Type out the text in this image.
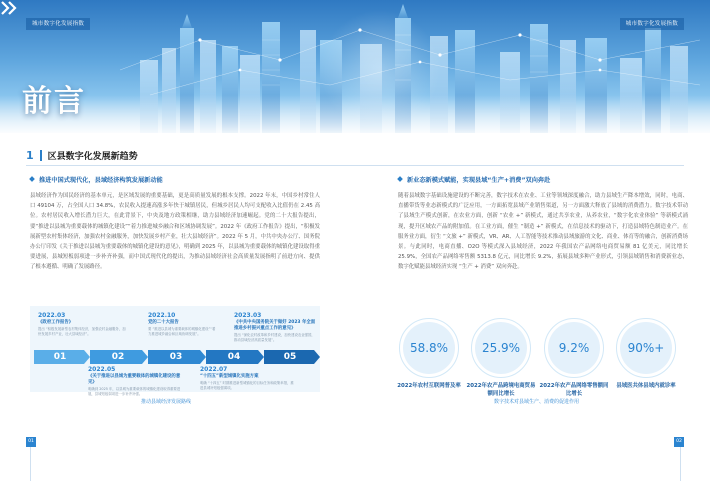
城市数字化发展指数	城市数字化发展指数
前言
1 区县数字化发展新趋势
推进中国式现代化，县域经济构筑发展新动能
县域经济作为国民经济的基本单元，是区域发展的重要基础，更是高质量发展的根本支撑。2022 年末，中国乡村常住人口 49104 万，占全国人口 34.8%，农民收入提速高涨多年快于城镇居民，但城乡居民人均可支配收入比值仍在 2.45 高位。农村居民收入增长潜力巨大，在此背景下，中央及地方政策相继，助力县域经济加速崛起。党的二十大报告提出，要“推进以县城为重要载体的城镇化建设”“着力推进城乡融合和区域协调发展”。2022 年《政府工作报告》提出，“积极发展新型农村集体经济，加强农村金融服务，加快发展乡村产业，壮大县域经济”。2022 年 5 月，中共中央办公厅、国务院办公厅印发《关于推进以县城为重要载体的城镇化建设的意见》，明确到 2025 年，以县城为重要载体的城镇化建设取得重要进展，县城短板弱项进一步补齐补强，而中国式现代化的提出，为推动县域经济社会高质量发展指明了前进方向、提供了根本遵循、明确了发展路径。
01	02	03	04	05
2022.03
《政府工作报告》
提出 “积极发展新型农村集体经济，加强农村金融服务，加快发展乡村产业，壮大县域经济”。
2022.10
党的二十大报告
要 “推进以县城为重要载体的城镇化建设”“着力推进城乡融合和区域协调发展”。
2023.03
《中共中央国务院关于做好 2023 年全面推进乡村振兴重点工作的意见》
提出 “深化农村改革和乡村建设，加快建设农业强国，推动县域经济高质量发展”。
2022.05
《关于推进以县城为重要载体的城镇化建设的意见》
明确到 2025 年，以县城为重要载体的城镇化建设取得重要进展，县城短板弱项进一步补齐补强。
2022.07
“十四五”新型城镇化实施方案
明确 “十四五” 时期推进新型城镇化的目标任务和政策举措，推进县城补短板强弱项。
推动县域经济发展路线
新业态新模式赋能，实现县域“生产+消费”双向奔赴
随着县域数字基础设施建设的不断完善，数字技术在农业、工业等领域深度融合，助力县域生产降本增效，同时，电商、直播带货等业态新模式的广泛应用，一方面拓宽县域产业销售渠道，另一方面激大释放了县域的消费潜力。数字技术带动了县域生产模式创新，在农业方面，创新 “农业 +” 新模式，通过共享农业，从养农业，“数字化农业体验” 等新模式涌现，提升区域农产品的附加值。在工业方面，催生 “制造 +” 新模式，在信息技术的驱动下，打造县域特色制造业产。在服务业方面，衍生 “文旅 +” 新模式，VR、AR、人工智能等技术推动县域旅游的文化、商业、体育等的融合，创新消费场景。与此同时，电商直播、O2O 等模式深入县域经济，2022 年我国农产品网络电商贸易额 81 亿美元，同比增长 25.9%，全国农产品网络零售额 5313.8 亿元，同比增长 9.2%，拓展县域多种产业形式，引领县域销售和消费新业态，数字化赋能县域经济实现 “生产 + 消费” 双向奔赴。
58.8%	25.9%	9.2%	90%+
2022年农村互联网普及率	2022年农产品跨境电商贸易额同比增长
2022年农产品网络零售额同比增长
县域医共体县域内就诊率
数字技术对县域生产、消费的促进作用
01	02
